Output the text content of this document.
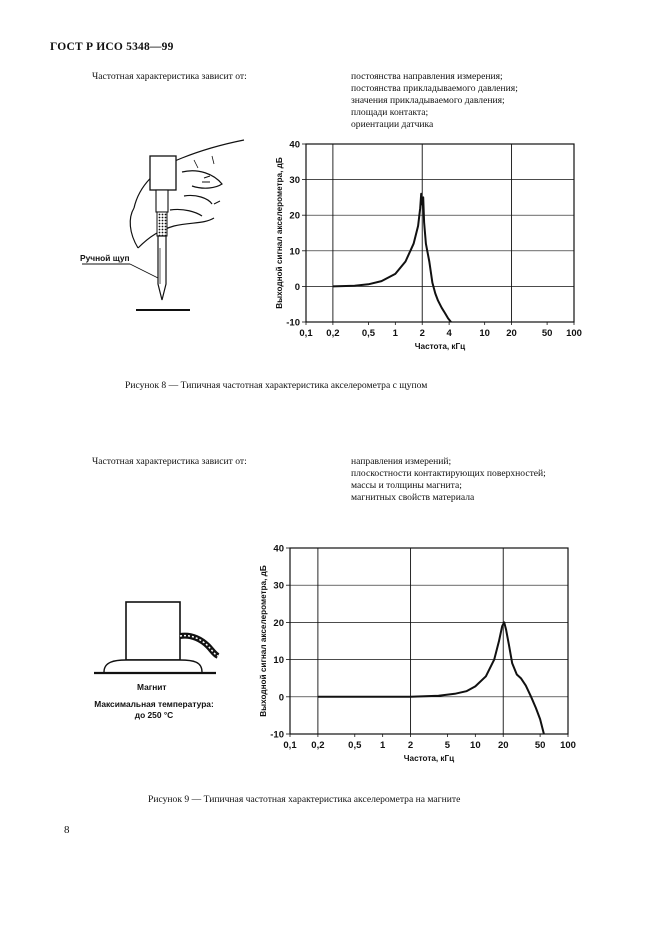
ГОСТ Р ИСО 5348—99
Частотная характеристика зависит от:	постоянства направления измерения;
постоянства прикладываемого давления;
значения прикладываемого давления;
площади контакта;
ориентации датчика
Ручной щуп
-10
0
10
20
30
40
0,1 0,2 0,5 1 2 4	10 20	50 100
Частота, кГц
Выходной сигнал акселерометра, дБ
Рисунок 8 — Типичная частотная характеристика акселерометра с щупом
Частотная характеристика зависит от:	направления измерений;
плоскостности контактирующих поверхностей;
массы и толщины магнита;
магнитных свойств материала
Магнит
Максимальная температура:
до 250 °С
-10
0
10
20
30
40
0,1 0,2 0,5 1 2	5 10 20	50 100
Частота, кГц
Выходной сигнал акселерометра, дБ
Рисунок 9 — Типичная частотная характеристика акселерометра на магните
8
